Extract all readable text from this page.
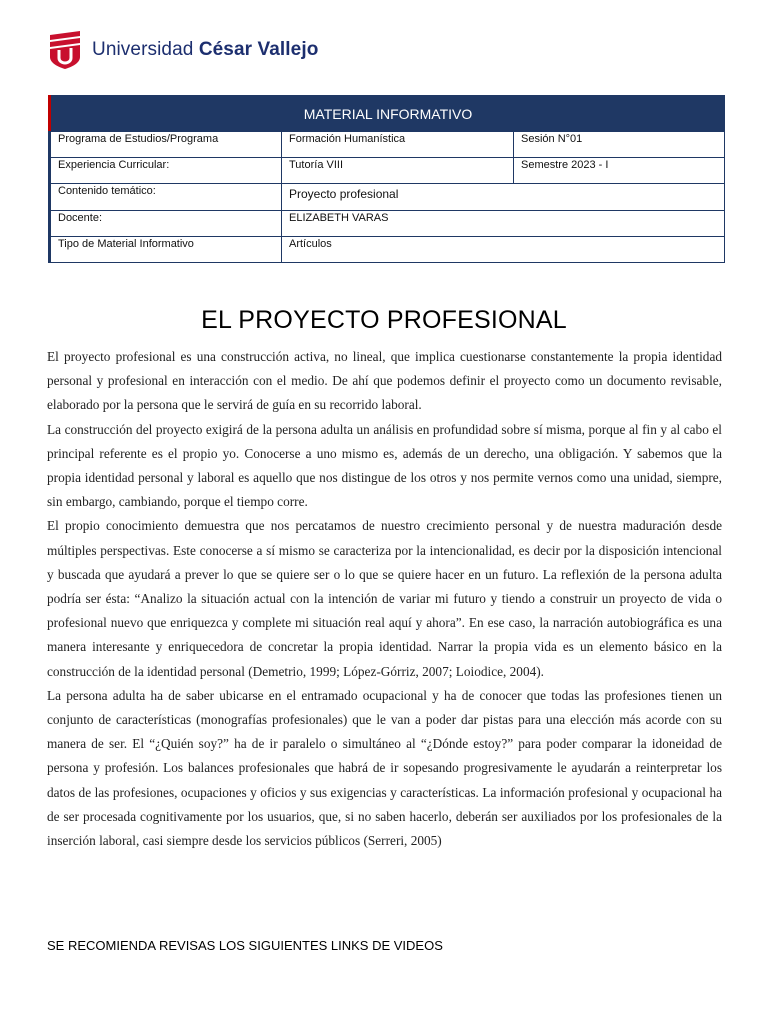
Universidad César Vallejo
MATERIAL INFORMATIVO
Programa de Estudios/Programa	Formación Humanística	Sesión N°01
Experiencia Curricular:	Tutoría VIII	Semestre 2023 - I
Contenido temático:	Proyecto profesional	
Docente:	ELIZABETH VARAS	
Tipo de Material Informativo	Artículos	
EL PROYECTO PROFESIONAL

El proyecto profesional es una construcción activa, no lineal, que implica cuestionarse constantemente la propia identidad personal y profesional en interacción con el medio. De ahí que podemos definir el proyecto como un documento revisable, elaborado por la persona que le servirá de guía en su recorrido laboral.

La construcción del proyecto exigirá de la persona adulta un análisis en profundidad sobre sí misma, porque al fin y al cabo el principal referente es el propio yo. Conocerse a uno mismo es, además de un derecho, una obligación. Y sabemos que la propia identidad personal y laboral es aquello que nos distingue de los otros y nos permite vernos como una unidad, siempre, sin embargo, cambiando, porque el tiempo corre.

El propio conocimiento demuestra que nos percatamos de nuestro crecimiento personal y de nuestra maduración desde múltiples perspectivas. Este conocerse a sí mismo se caracteriza por la intencionalidad, es decir por la disposición intencional y buscada que ayudará a prever lo que se quiere ser o lo que se quiere hacer en un futuro. La reflexión de la persona adulta podría ser ésta: “Analizo la situación actual con la intención de variar mi futuro y tiendo a construir un proyecto de vida o profesional nuevo que enriquezca y complete mi situación real aquí y ahora”. En ese caso, la narración autobiográfica es una manera interesante y enriquecedora de concretar la propia identidad. Narrar la propia vida es un elemento básico en la construcción de la identidad personal (Demetrio, 1999; López-Górriz, 2007; Loiodice, 2004).

La persona adulta ha de saber ubicarse en el entramado ocupacional y ha de conocer que todas las profesiones tienen un conjunto de características (monografías profesionales) que le van a poder dar pistas para una elección más acorde con su manera de ser. El “¿Quién soy?” ha de ir paralelo o simultáneo al “¿Dónde estoy?” para poder comparar la idoneidad de persona y profesión. Los balances profesionales que habrá de ir sopesando progresivamente le ayudarán a reinterpretar los datos de las profesiones, ocupaciones y oficios y sus exigencias y características. La información profesional y ocupacional ha de ser procesada cognitivamente por los usuarios, que, si no saben hacerlo, deberán ser auxiliados por los profesionales de la inserción laboral, casi siempre desde los servicios públicos (Serreri, 2005)

SE RECOMIENDA REVISAS LOS SIGUIENTES LINKS DE VIDEOS
